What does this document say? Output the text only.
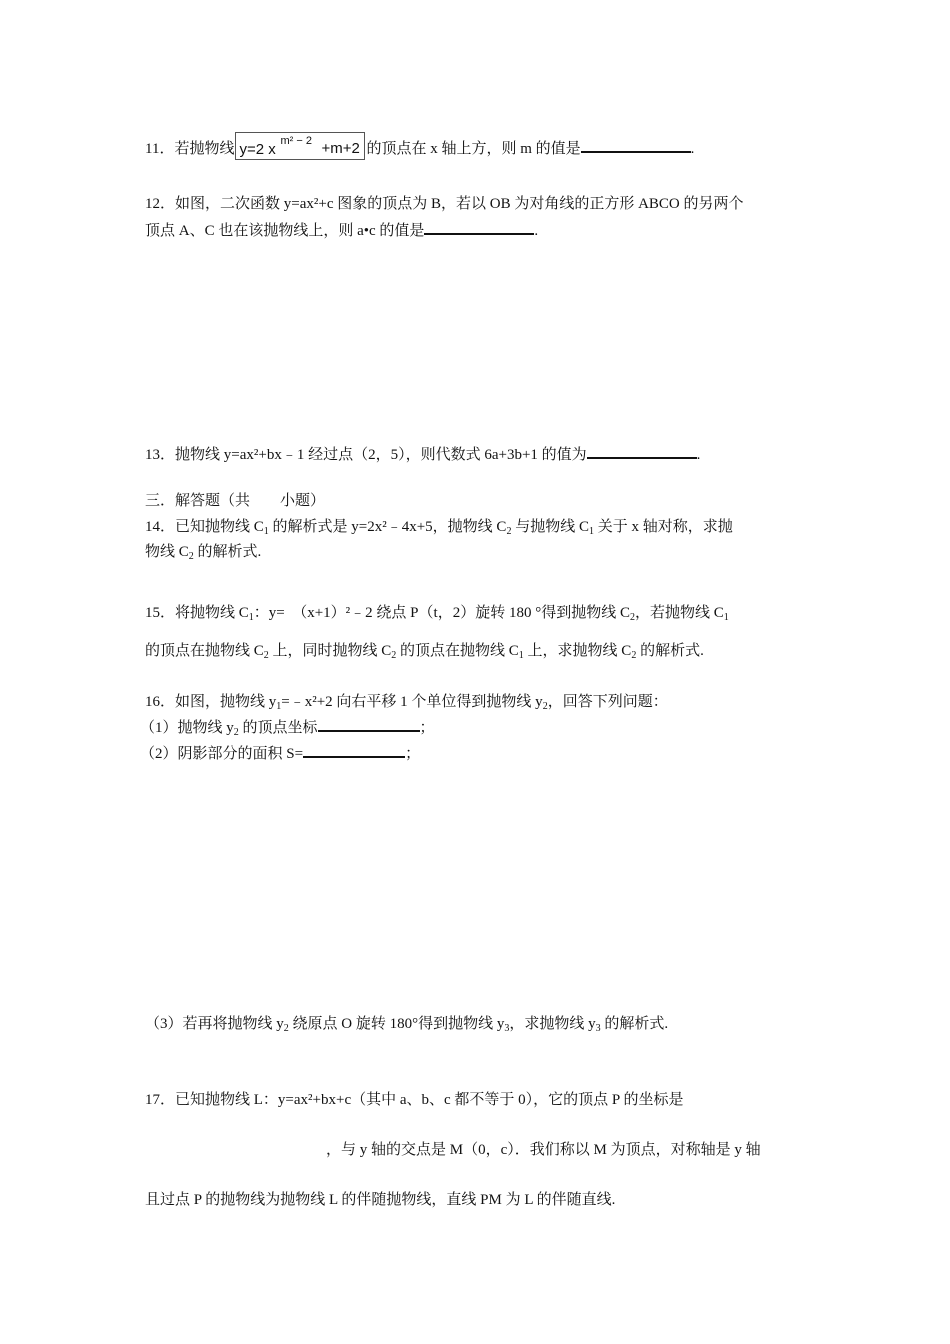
11．若抛物线 y=2 x m² − 2 +m+2 的顶点在 x 轴上方，则 m 的值是	.
12．如图，二次函数 y=ax²+c 图象的顶点为 B，若以 OB 为对角线的正方形 ABCO 的另两个
顶点 A、C 也在该抛物线上，则 a•c 的值是	.
13．抛物线 y=ax²+bx﹣1 经过点（2，5），则代数式 6a+3b+1 的值为	.
三．解答题（共　　小题）
14．已知抛物线 $C_1$ 的解析式是 y=2x²﹣4x+5，抛物线 $C_2$ 与抛物线 $C_1$ 关于 x 轴对称，求抛
物线 $C_2$ 的解析式.
15．将抛物线 $C_1$：y=　（x+1）²﹣2 绕点 P（t，2）旋转 180 °得到抛物线 $C_2$，若抛物线 $C_1$
的顶点在抛物线 $C_2$ 上，同时抛物线 $C_2$ 的顶点在抛物线 $C_1$ 上，求抛物线 $C_2$ 的解析式.
16．如图，抛物线 $y_1=﹣x^2+2$ 向右平移 1 个单位得到抛物线 $y_2$，回答下列问题：
（1）抛物线 $y_2$ 的顶点坐标	；
（2）阴影部分的面积 S=	；
（3）若再将抛物线 $y_2$ 绕原点 O 旋转 180°得到抛物线 $y_3$，求抛物线 $y_3$ 的解析式.
17．已知抛物线 L：y=ax²+bx+c（其中 a、b、c 都不等于 0），它的顶点 P 的坐标是
，与 y 轴的交点是 M（0，c）．我们称以 M 为顶点，对称轴是 y 轴
且过点 P 的抛物线为抛物线 L 的伴随抛物线，直线 PM 为 L 的伴随直线.
